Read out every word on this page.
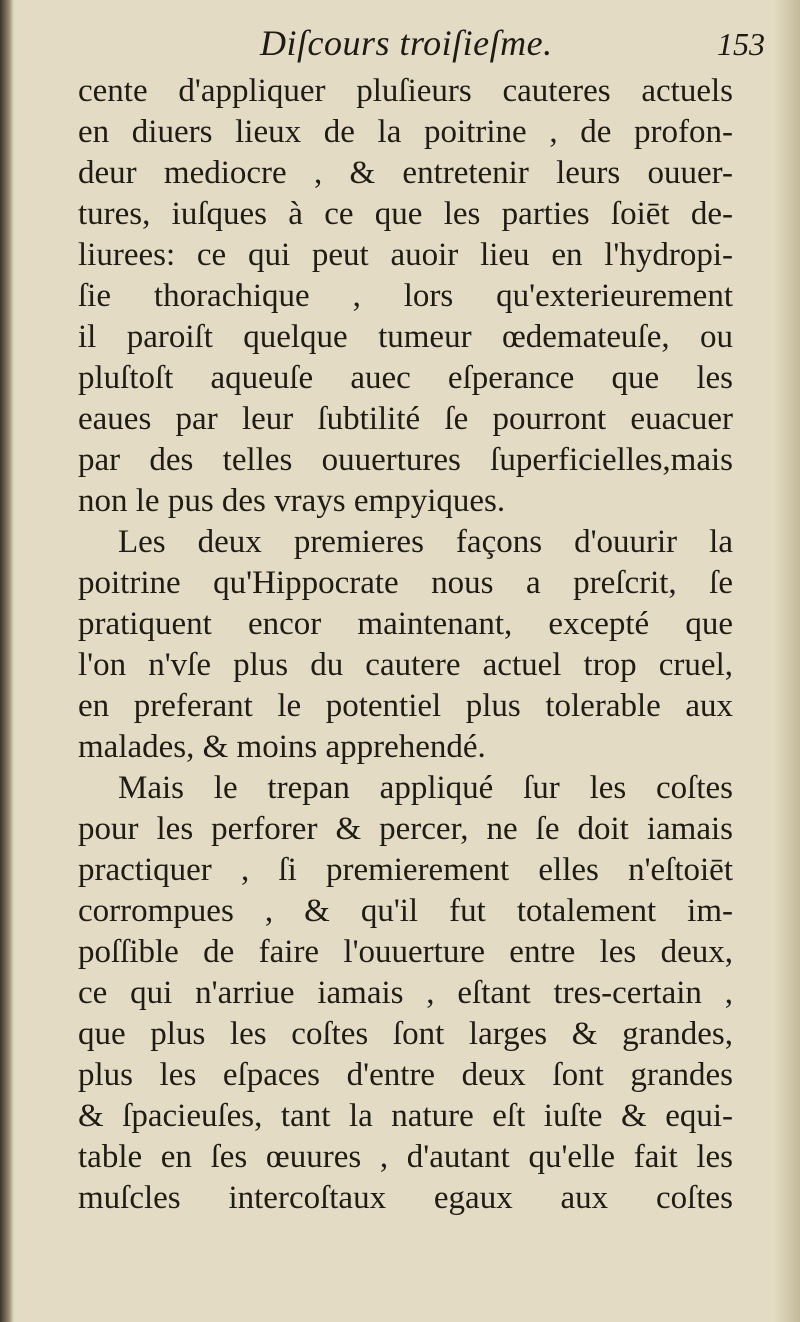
Diſcours troiſieſme.	153
cente d'appliquer pluſieurs cauteres actuels
en diuers lieux de la poitrine , de profon-
deur mediocre , & entretenir leurs ouuer-
tures, iuſques à ce que les parties ſoiēt de-
liurees: ce qui peut auoir lieu en l'hydropi-
ſie thorachique , lors qu'exterieurement
il paroiſt quelque tumeur œdemateuſe, ou
pluſtoſt aqueuſe auec eſperance que les
eaues par leur ſubtilité ſe pourront euacuer
par des telles ouuertures ſuperficielles,mais
non le pus des vrays empyiques.
Les deux premieres façons d'ouurir la
poitrine qu'Hippocrate nous a preſcrit, ſe
pratiquent encor maintenant, excepté que
l'on n'vſe plus du cautere actuel trop cruel,
en preferant le potentiel plus tolerable aux
malades, & moins apprehendé.
Mais le trepan appliqué ſur les coſtes
pour les perforer & percer, ne ſe doit iamais
practiquer , ſi premierement elles n'eſtoiēt
corrompues , & qu'il fut totalement im-
poſſible de faire l'ouuerture entre les deux,
ce qui n'arriue iamais , eſtant tres-certain ,
que plus les coſtes ſont larges & grandes,
plus les eſpaces d'entre deux ſont grandes
& ſpacieuſes, tant la nature eſt iuſte & equi-
table en ſes œuures , d'autant qu'elle fait les
muſcles intercoſtaux egaux aux coſtes
